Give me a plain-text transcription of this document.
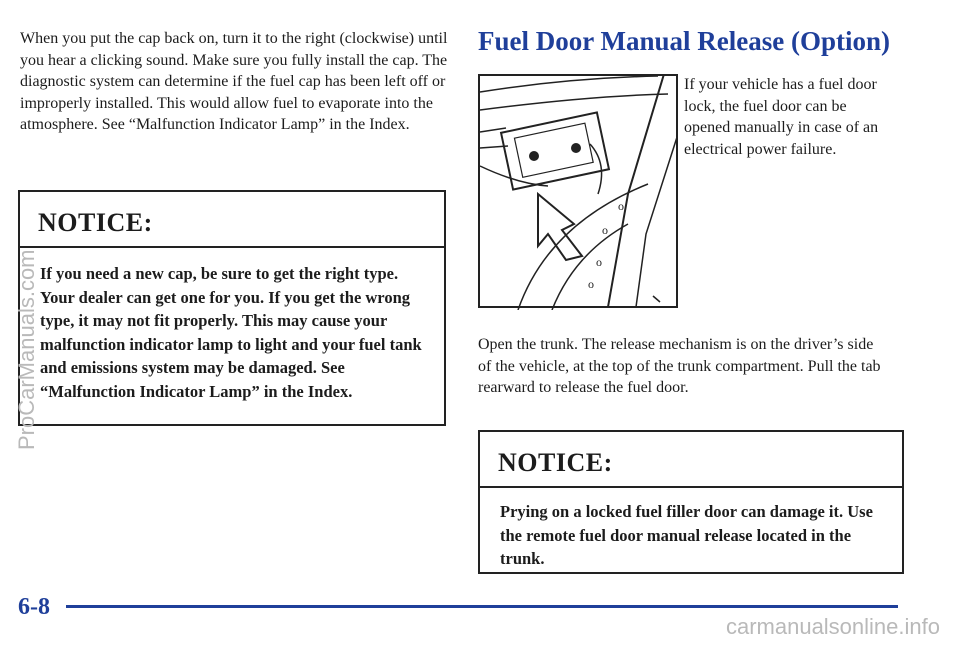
When you put the cap back on, turn it to the right (clockwise) until you hear a clicking sound. Make sure you fully install the cap. The diagnostic system can determine if the fuel cap has been left off or improperly installed. This would allow fuel to evaporate into the atmosphere. See “Malfunction Indicator Lamp” in the Index.

NOTICE:
If you need a new cap, be sure to get the right type. Your dealer can get one for you. If you get the wrong type, it may not fit properly. This may cause your malfunction indicator lamp to light and your fuel tank and emissions system may be damaged. See “Malfunction Indicator Lamp” in the Index.
Fuel Door Manual Release (Option)
o
o
o
o

If your vehicle has a fuel door lock, the fuel door can be opened manually in case of an electrical power failure.

Open the trunk. The release mechanism is on the driver’s side of the vehicle, at the top of the trunk compartment. Pull the tab rearward to release the fuel door.

NOTICE:
Prying on a locked fuel filler door can damage it. Use the remote fuel door manual release located in the trunk.
6-8
ProCarManuals.com
carmanualsonline.info
